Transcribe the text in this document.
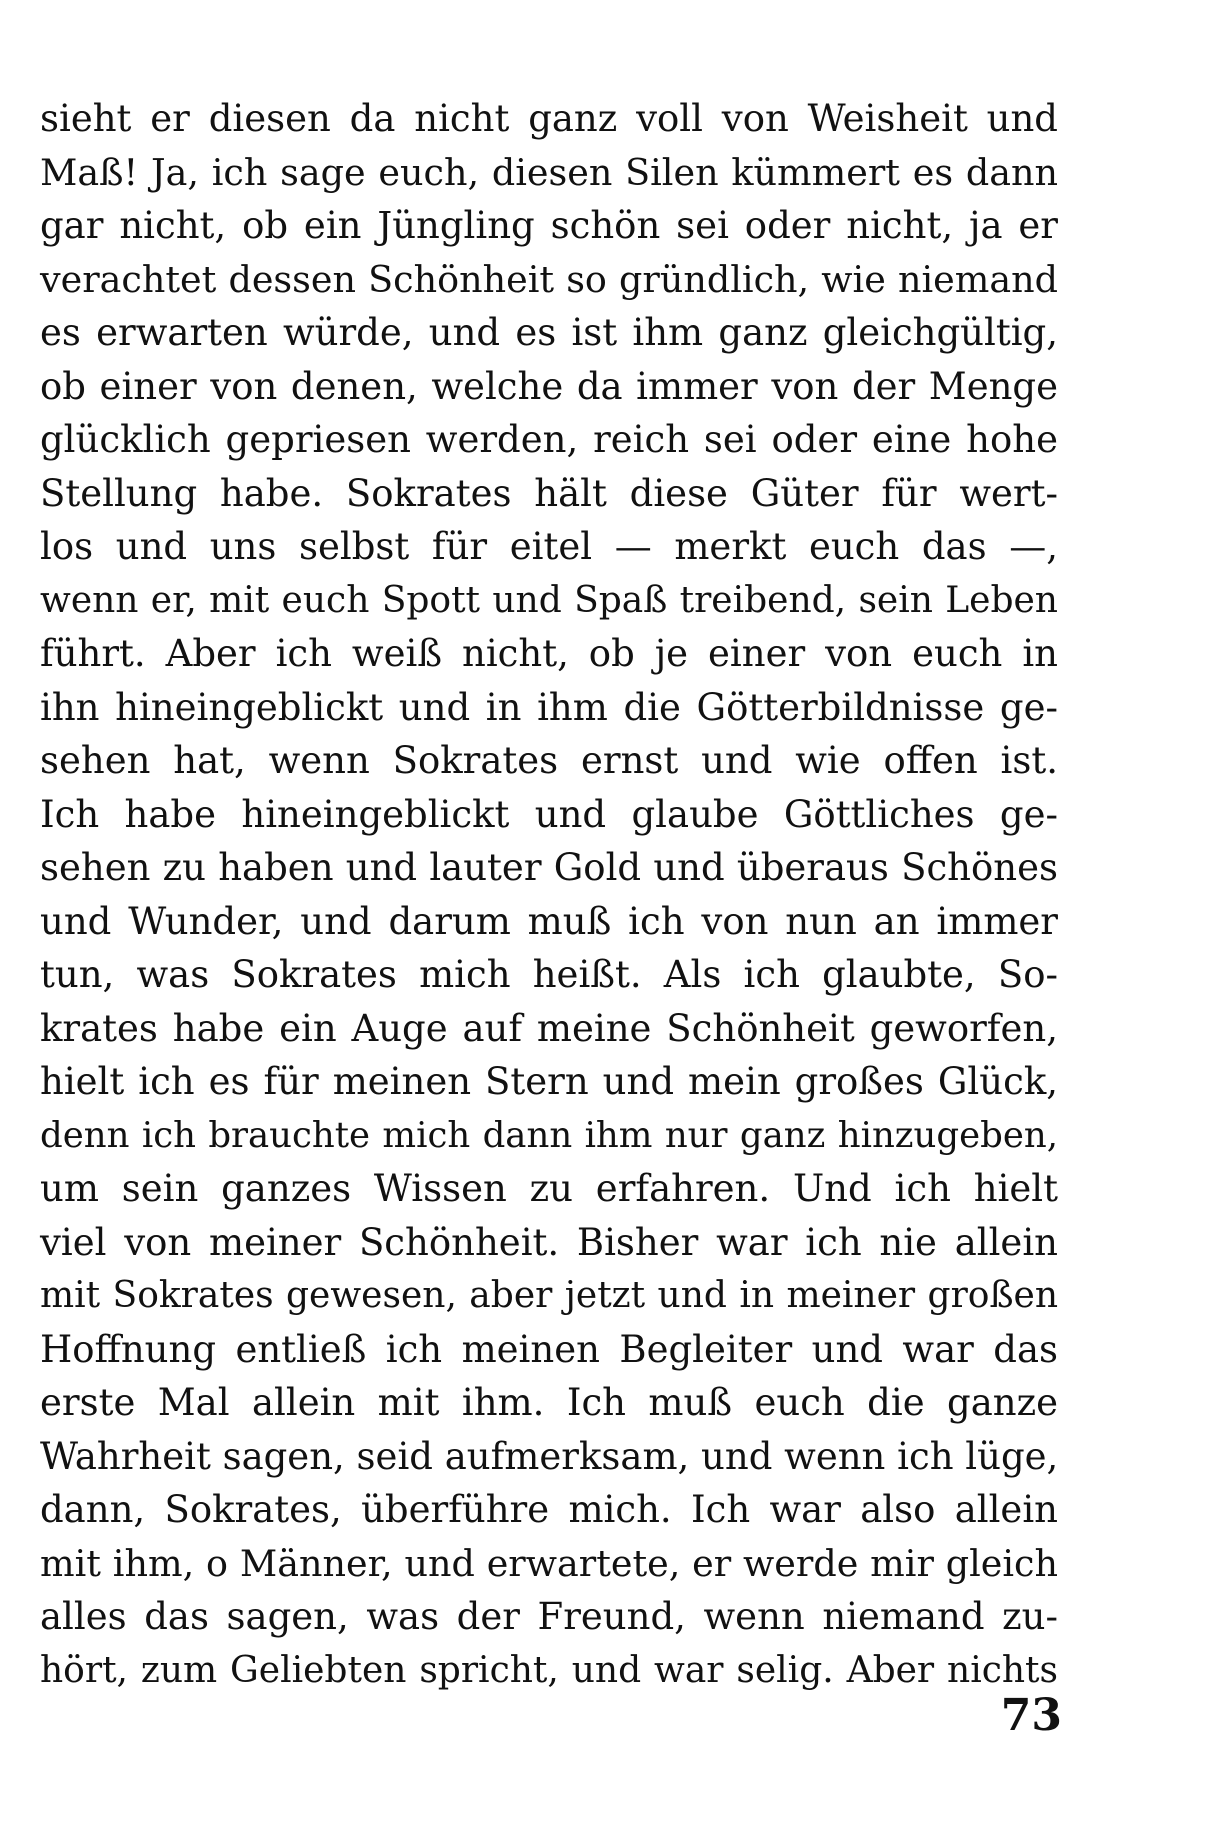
sieht er diesen da nicht ganz voll von Weisheit und
Maß! Ja, ich sage euch, diesen Silen kümmert es dann
gar nicht, ob ein Jüngling schön sei oder nicht, ja er
verachtet dessen Schönheit so gründlich, wie niemand
es erwarten würde, und es ist ihm ganz gleichgültig,
ob einer von denen, welche da immer von der Menge
glücklich gepriesen werden, reich sei oder eine hohe
Stellung habe. Sokrates hält diese Güter für wert-
los und uns selbst für eitel — merkt euch das —,
wenn er, mit euch Spott und Spaß treibend, sein Leben
führt. Aber ich weiß nicht, ob je einer von euch in
ihn hineingeblickt und in ihm die Götterbildnisse ge-
sehen hat, wenn Sokrates ernst und wie offen ist.
Ich habe hineingeblickt und glaube Göttliches ge-
sehen zu haben und lauter Gold und überaus Schönes
und Wunder, und darum muß ich von nun an immer
tun, was Sokrates mich heißt. Als ich glaubte, So-
krates habe ein Auge auf meine Schönheit geworfen,
hielt ich es für meinen Stern und mein großes Glück,
denn ich brauchte mich dann ihm nur ganz hinzugeben,
um sein ganzes Wissen zu erfahren. Und ich hielt
viel von meiner Schönheit. Bisher war ich nie allein
mit Sokrates gewesen, aber jetzt und in meiner großen
Hoffnung entließ ich meinen Begleiter und war das
erste Mal allein mit ihm. Ich muß euch die ganze
Wahrheit sagen, seid aufmerksam, und wenn ich lüge,
dann, Sokrates, überführe mich. Ich war also allein
mit ihm, o Männer, und erwartete, er werde mir gleich
alles das sagen, was der Freund, wenn niemand zu-
hört, zum Geliebten spricht, und war selig. Aber nichts
73
